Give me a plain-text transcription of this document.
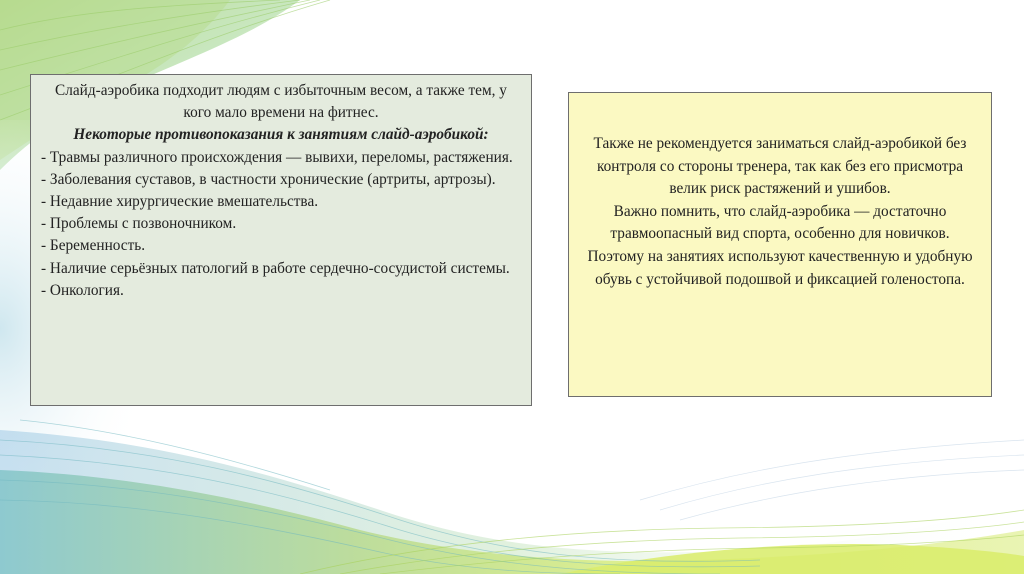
Слайд-аэробика подходит людям с избыточным весом, а также тем, у кого мало времени на фитнес.

Некоторые противопоказания к занятиям слайд-аэробикой:

- Травмы различного происхождения — вывихи, переломы, растяжения.

- Заболевания суставов, в частности хронические (артриты, артрозы).

- Недавние хирургические вмешательства.

- Проблемы с позвоночником.

- Беременность.

- Наличие серьёзных патологий в работе сердечно-сосудистой системы.

- Онкология.

Также не рекомендуется заниматься слайд-аэробикой без контроля со стороны тренера, так как без его присмотра велик риск растяжений и ушибов.

Важно помнить, что слайд-аэробика — достаточно травмоопасный вид спорта, особенно для новичков. Поэтому на занятиях используют качественную и удобную обувь с устойчивой подошвой и фиксацией голеностопа.
